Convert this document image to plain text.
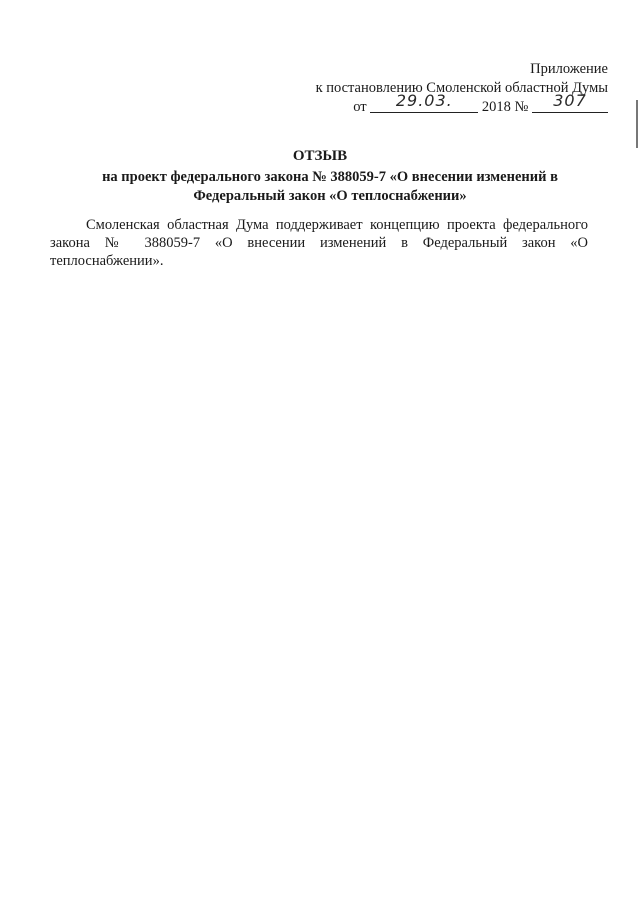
Приложение
к постановлению Смоленской областной Думы
от 29.03. 2018 № 307
ОТЗЫВ
на проект федерального закона № 388059-7 «О внесении изменений в Федеральный закон «О теплоснабжении»
Смоленская областная Дума поддерживает концепцию проекта федерального закона № 388059-7 «О внесении изменений в Федеральный закон «О теплоснабжении».
